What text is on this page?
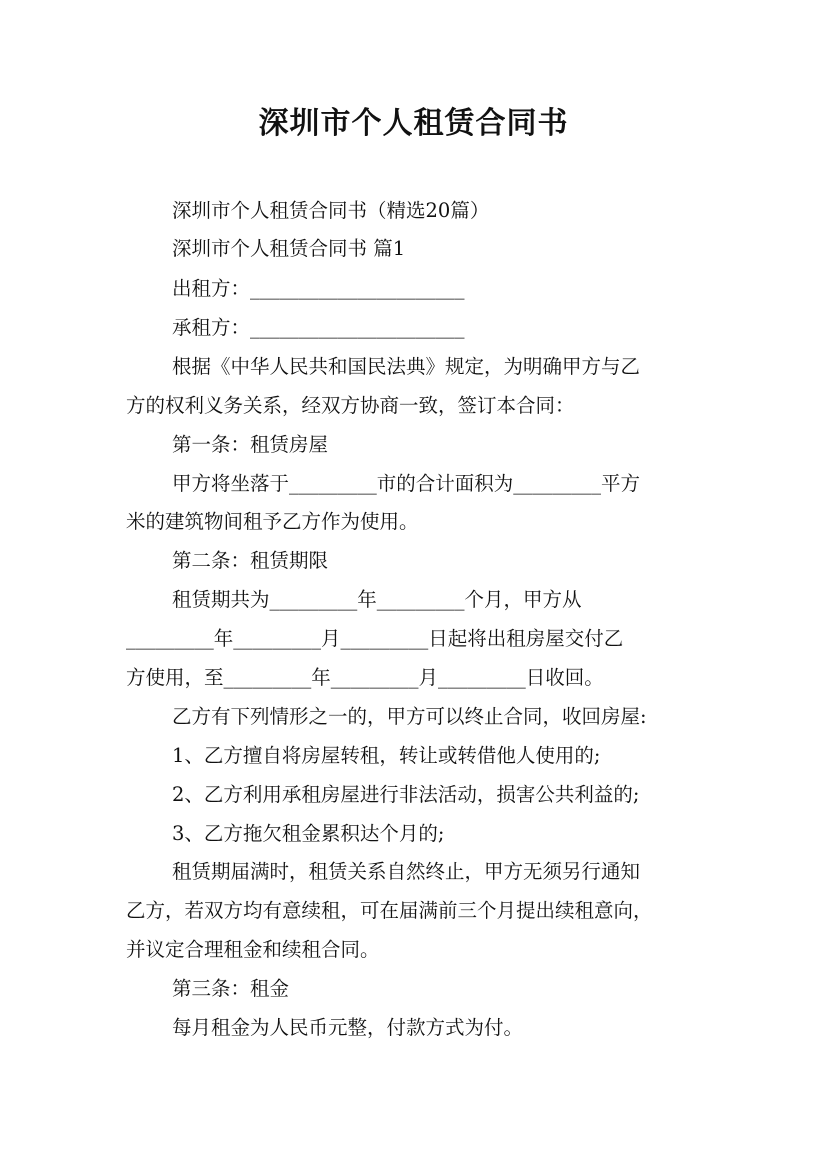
深圳市个人租赁合同书
深圳市个人租赁合同书（精选20篇）
深圳市个人租赁合同书 篇1
出租方：______________________
承租方：______________________
根据《中华人民共和国民法典》规定，为明确甲方与乙
方的权利义务关系，经双方协商一致，签订本合同：
第一条：租赁房屋
甲方将坐落于_________市的合计面积为_________平方
米的建筑物间租予乙方作为使用。
第二条：租赁期限
租赁期共为_________年_________个月，甲方从
_________年_________月_________日起将出租房屋交付乙
方使用，至_________年_________月_________日收回。
乙方有下列情形之一的，甲方可以终止合同，收回房屋:
1、乙方擅自将房屋转租，转让或转借他人使用的;
2、乙方利用承租房屋进行非法活动，损害公共利益的;
3、乙方拖欠租金累积达个月的;
租赁期届满时，租赁关系自然终止，甲方无须另行通知
乙方，若双方均有意续租，可在届满前三个月提出续租意向，
并议定合理租金和续租合同。
第三条：租金
每月租金为人民币元整，付款方式为付。
